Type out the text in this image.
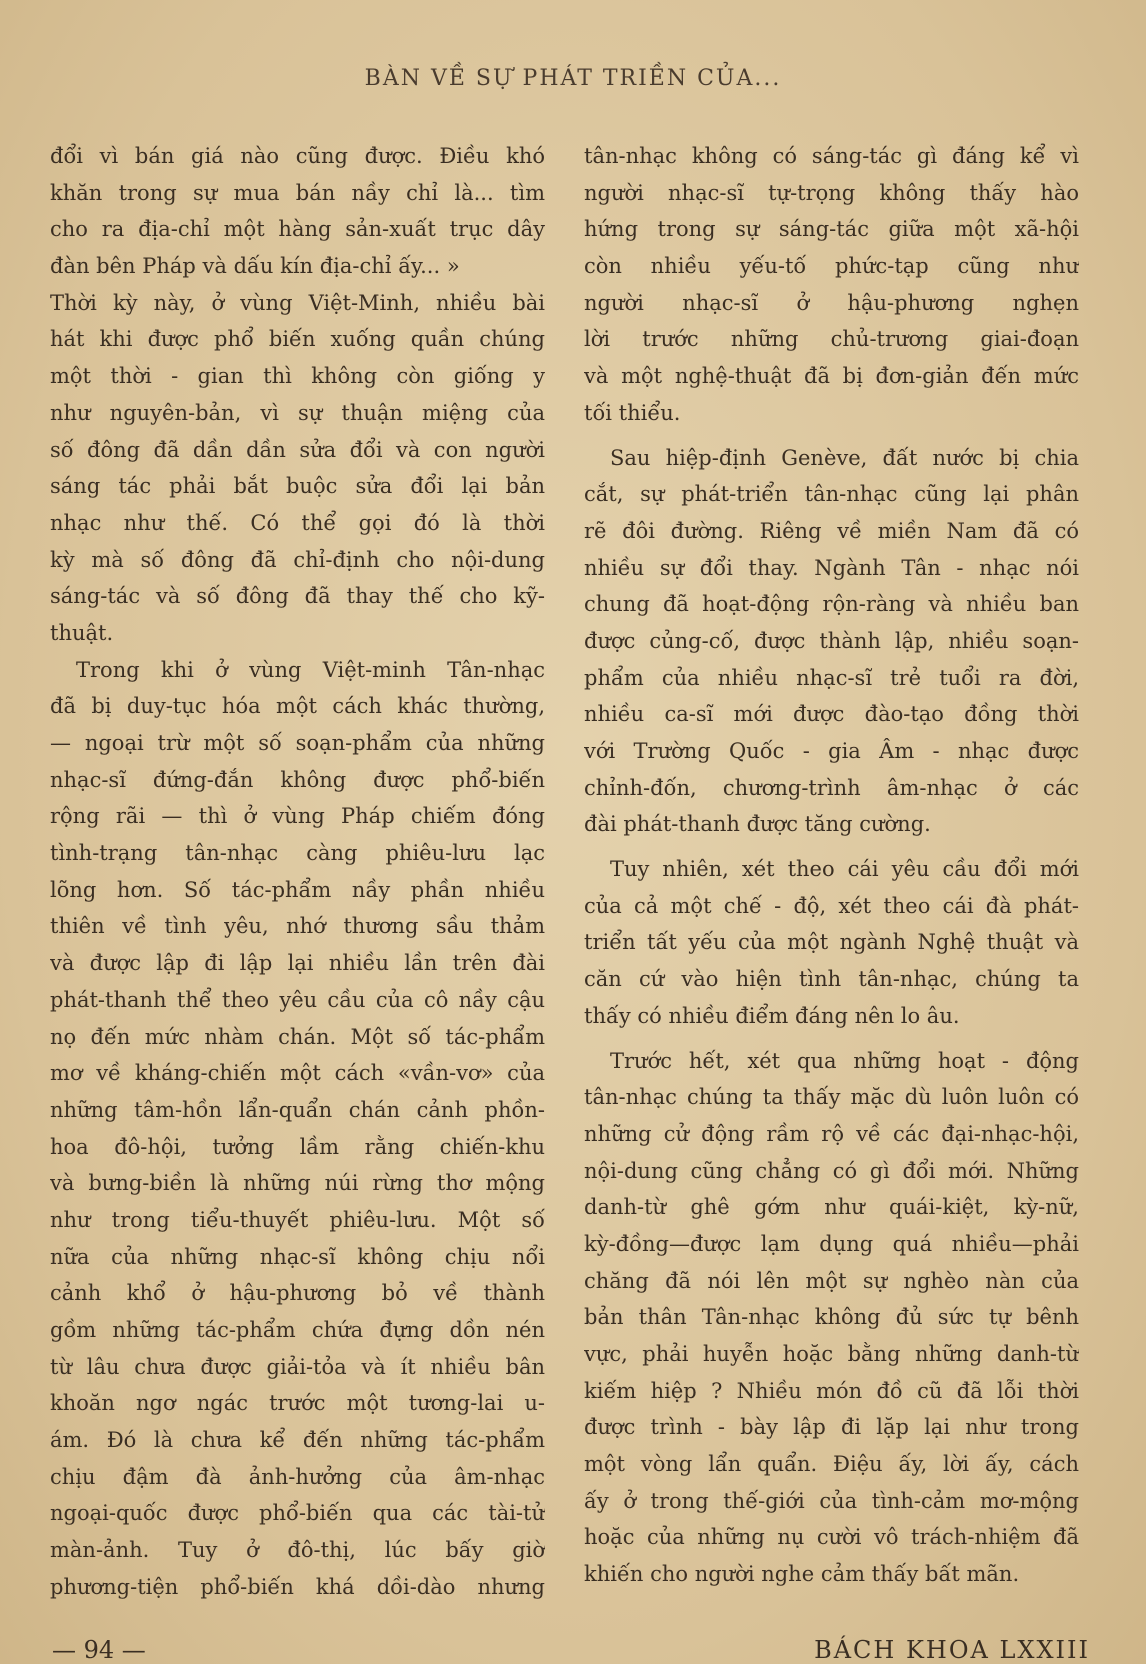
BÀN VỀ SỰ PHÁT TRIỀN CỦA...
đổi vì bán giá nào cũng được. Điều khó
khăn trong sự mua bán nầy chỉ là... tìm
cho ra địa-chỉ một hàng sản-xuất trục dây
đàn bên Pháp và dấu kín địa-chỉ ấy... »
Thời kỳ này, ở vùng Việt-Minh, nhiều bài
hát khi được phổ biến xuống quần chúng
một thời - gian thì không còn giống y
như nguyên-bản, vì sự thuận miệng của
số đông đã dần dần sửa đổi và con người
sáng tác phải bắt buộc sửa đổi lại bản
nhạc như thế. Có thể gọi đó là thời
kỳ mà số đông đã chỉ-định cho nội-dung
sáng-tác và số đông đã thay thế cho kỹ-
thuật.
Trong khi ở vùng Việt-minh Tân-nhạc
đã bị duy-tục hóa một cách khác thường,
— ngoại trừ một số soạn-phẩm của những
nhạc-sĩ đứng-đắn không được phổ-biến
rộng rãi — thì ở vùng Pháp chiếm đóng
tình-trạng tân-nhạc càng phiêu-lưu lạc
lõng hơn. Số tác-phẩm nầy phần nhiều
thiên về tình yêu, nhớ thương sầu thảm
và được lập đi lập lại nhiều lần trên đài
phát-thanh thể theo yêu cầu của cô nầy cậu
nọ đến mức nhàm chán. Một số tác-phẩm
mơ về kháng-chiến một cách «vần-vơ» của
những tâm-hồn lẩn-quẩn chán cảnh phồn-
hoa đô-hội, tưởng lầm rằng chiến-khu
và bưng-biền là những núi rừng thơ mộng
như trong tiểu-thuyết phiêu-lưu. Một số
nữa của những nhạc-sĩ không chịu nổi
cảnh khổ ở hậu-phương bỏ về thành
gồm những tác-phẩm chứa đựng dồn nén
từ lâu chưa được giải-tỏa và ít nhiều bân
khoăn ngơ ngác trước một tương-lai u-
ám. Đó là chưa kể đến những tác-phẩm
chịu đậm đà ảnh-hưởng của âm-nhạc
ngoại-quốc được phổ-biến qua các tài-tử
màn-ảnh. Tuy ở đô-thị, lúc bấy giờ
phương-tiện phổ-biến khá dồi-dào nhưng
tân-nhạc không có sáng-tác gì đáng kể vì
người nhạc-sĩ tự-trọng không thấy hào
hứng trong sự sáng-tác giữa một xã-hội
còn nhiều yếu-tố phức-tạp cũng như
người nhạc-sĩ ở hậu-phương nghẹn
lời trước những chủ-trương giai-đoạn
và một nghệ-thuật đã bị đơn-giản đến mức
tối thiểu.
Sau hiệp-định Genève, đất nước bị chia
cắt, sự phát-triển tân-nhạc cũng lại phân
rẽ đôi đường. Riêng về miền Nam đã có
nhiều sự đổi thay. Ngành Tân - nhạc nói
chung đã hoạt-động rộn-ràng và nhiều ban
được củng-cố, được thành lập, nhiều soạn-
phẩm của nhiều nhạc-sĩ trẻ tuổi ra đời,
nhiều ca-sĩ mới được đào-tạo đồng thời
với Trường Quốc - gia Âm - nhạc được
chỉnh-đốn, chương-trình âm-nhạc ở các
đài phát-thanh được tăng cường.
Tuy nhiên, xét theo cái yêu cầu đổi mới
của cả một chế - độ, xét theo cái đà phát-
triển tất yếu của một ngành Nghệ thuật và
căn cứ vào hiện tình tân-nhạc, chúng ta
thấy có nhiều điểm đáng nên lo âu.
Trước hết, xét qua những hoạt - động
tân-nhạc chúng ta thấy mặc dù luôn luôn có
những cử động rầm rộ về các đại-nhạc-hội,
nội-dung cũng chẳng có gì đổi mới. Những
danh-từ ghê gớm như quái-kiệt, kỳ-nữ,
kỳ-đồng—được lạm dụng quá nhiều—phải
chăng đã nói lên một sự nghèo nàn của
bản thân Tân-nhạc không đủ sức tự bênh
vực, phải huyễn hoặc bằng những danh-từ
kiếm hiệp ? Nhiều món đồ cũ đã lỗi thời
được trình - bày lập đi lặp lại như trong
một vòng lẩn quẩn. Điệu ấy, lời ấy, cách
ấy ở trong thế-giới của tình-cảm mơ-mộng
hoặc của những nụ cười vô trách-nhiệm đã
khiến cho người nghe cảm thấy bất mãn.
— 94 —	BÁCH KHOA LXXIII
